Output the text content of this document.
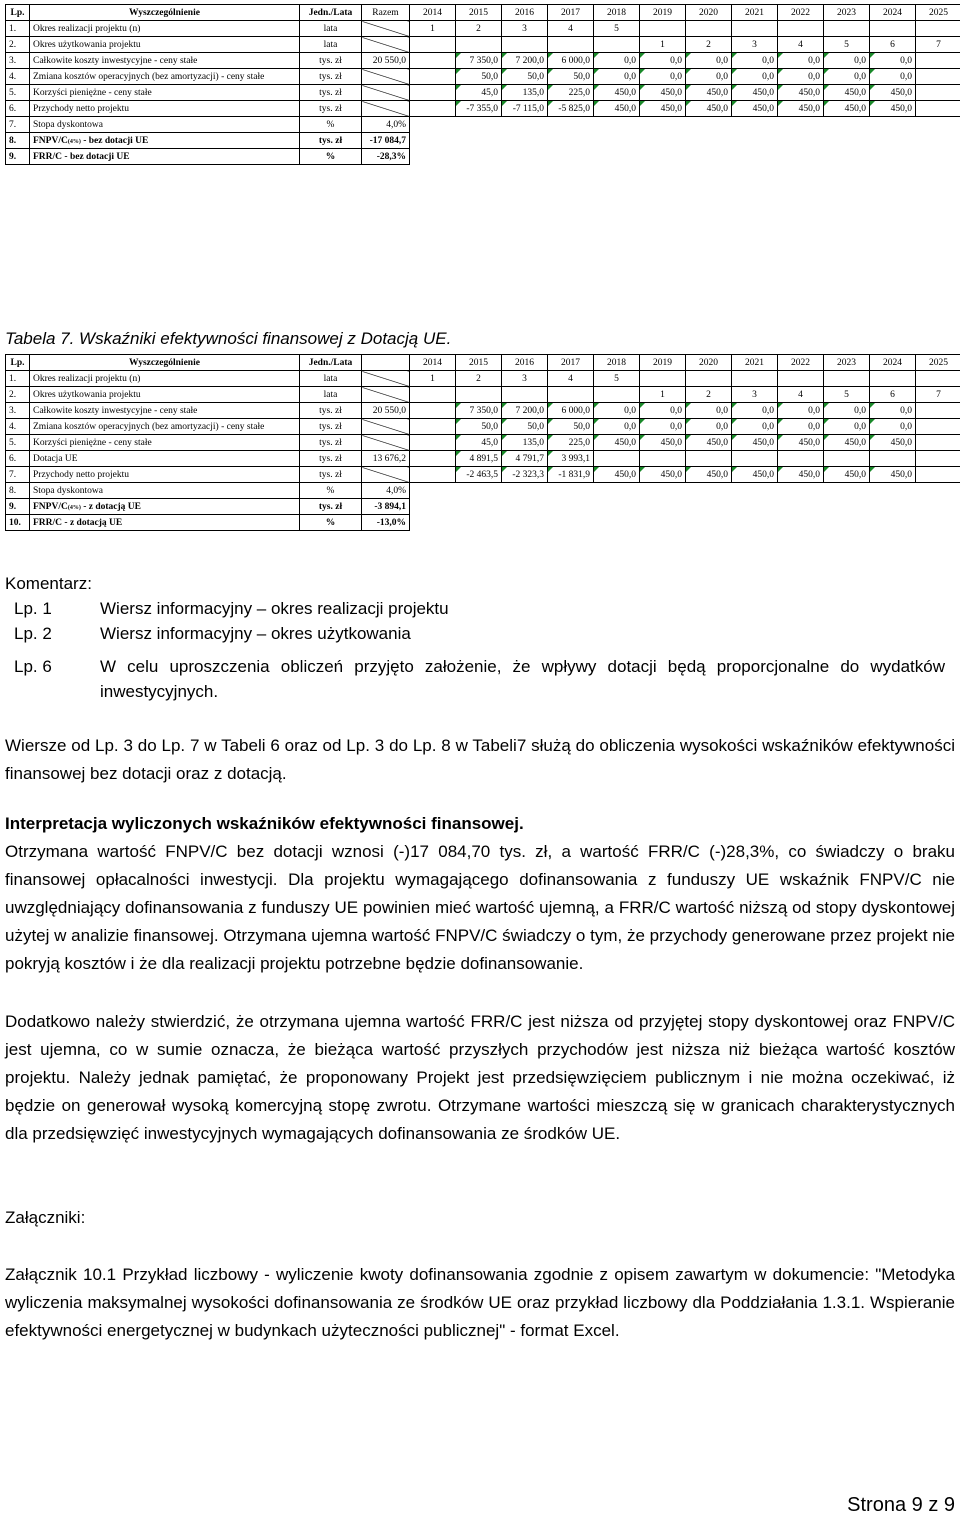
Lp.	Wyszczególnienie	Jedn./Lata	Razem	2014	2015	2016	2017	2018	2019	2020	2021	2022	2023	2024	2025
1.	Okres realizacji projektu (n)	lata		1	2	3	4	5							
2.	Okres użytkowania projektu	lata							1	2	3	4	5	6	7
3.	Całkowite koszty inwestycyjne - ceny stałe	tys. zł	20 550,0		7 350,0	7 200,0	6 000,0	0,0	0,0	0,0	0,0	0,0	0,0	0,0	
4.	Zmiana kosztów operacyjnych (bez amortyzacji) - ceny stałe	tys. zł			50,0	50,0	50,0	0,0	0,0	0,0	0,0	0,0	0,0	0,0	
5.	Korzyści pieniężne - ceny stałe	tys. zł			45,0	135,0	225,0	450,0	450,0	450,0	450,0	450,0	450,0	450,0	
6.	Przychody netto projektu	tys. zł			-7 355,0	-7 115,0	-5 825,0	450,0	450,0	450,0	450,0	450,0	450,0	450,0	
7.	Stopa dyskontowa	%	4,0%												
8.	FNPV/C(4%) - bez dotacji UE	tys. zł	-17 084,7												
9.	FRR/C - bez dotacji UE	%	-28,3%												
Tabela 7. Wskaźniki efektywności finansowej z Dotacją UE.
Lp.	Wyszczególnienie	Jedn./Lata		2014	2015	2016	2017	2018	2019	2020	2021	2022	2023	2024	2025
1.	Okres realizacji projektu (n)	lata		1	2	3	4	5							
2.	Okres użytkowania projektu	lata							1	2	3	4	5	6	7
3.	Całkowite koszty inwestycyjne - ceny stałe	tys. zł	20 550,0		7 350,0	7 200,0	6 000,0	0,0	0,0	0,0	0,0	0,0	0,0	0,0	
4.	Zmiana kosztów operacyjnych (bez amortyzacji) - ceny stałe	tys. zł			50,0	50,0	50,0	0,0	0,0	0,0	0,0	0,0	0,0	0,0	
5.	Korzyści pieniężne - ceny stałe	tys. zł			45,0	135,0	225,0	450,0	450,0	450,0	450,0	450,0	450,0	450,0	
6.	Dotacja UE	tys. zł	13 676,2		4 891,5	4 791,7	3 993,1								
7.	Przychody netto projektu	tys. zł			-2 463,5	-2 323,3	-1 831,9	450,0	450,0	450,0	450,0	450,0	450,0	450,0	
8.	Stopa dyskontowa	%	4,0%												
9.	FNPV/C(4%) - z dotacją UE	tys. zł	-3 894,1												
10.	FRR/C - z dotacją UE	%	-13,0%												
Komentarz:
Lp. 1	Wiersz informacyjny – okres realizacji projektu
Lp. 2	Wiersz informacyjny – okres użytkowania
Lp. 6	W celu uproszczenia obliczeń przyjęto założenie, że wpływy dotacji będą proporcjonalne do wydatków inwestycyjnych.
Wiersze od Lp. 3 do Lp. 7 w Tabeli 6 oraz od Lp. 3 do Lp. 8 w Tabeli7 służą do obliczenia wysokości wskaźników efektywności finansowej bez dotacji oraz z dotacją.
Interpretacja wyliczonych wskaźników efektywności finansowej.
Otrzymana wartość FNPV/C bez dotacji wznosi (-)17 084,70 tys. zł, a wartość FRR/C (-)28,3%, co świadczy o braku finansowej opłacalności inwestycji. Dla projektu wymagającego dofinansowania z funduszy UE wskaźnik FNPV/C nie uwzględniający dofinansowania z funduszy UE powinien mieć wartość ujemną, a FRR/C wartość niższą od stopy dyskontowej użytej w analizie finansowej. Otrzymana ujemna wartość FNPV/C świadczy o tym, że przychody generowane przez projekt nie pokryją kosztów i że dla realizacji projektu potrzebne będzie dofinansowanie.
Dodatkowo należy stwierdzić, że otrzymana ujemna wartość FRR/C jest niższa od przyjętej stopy dyskontowej oraz FNPV/C jest ujemna, co w sumie oznacza, że bieżąca wartość przyszłych przychodów jest niższa niż bieżąca wartość kosztów projektu. Należy jednak pamiętać, że proponowany Projekt jest przedsięwzięciem publicznym i nie można oczekiwać, iż będzie on generował wysoką komercyjną stopę zwrotu. Otrzymane wartości mieszczą się w granicach charakterystycznych dla przedsięwzięć inwestycyjnych wymagających dofinansowania ze środków UE.
Załączniki:
Załącznik 10.1 Przykład liczbowy - wyliczenie kwoty dofinansowania zgodnie z opisem zawartym w dokumencie: "Metodyka wyliczenia maksymalnej wysokości dofinansowania ze środków UE oraz przykład liczbowy dla Poddziałania 1.3.1. Wspieranie efektywności energetycznej w budynkach użyteczności publicznej" - format Excel.
Strona 9 z 9
